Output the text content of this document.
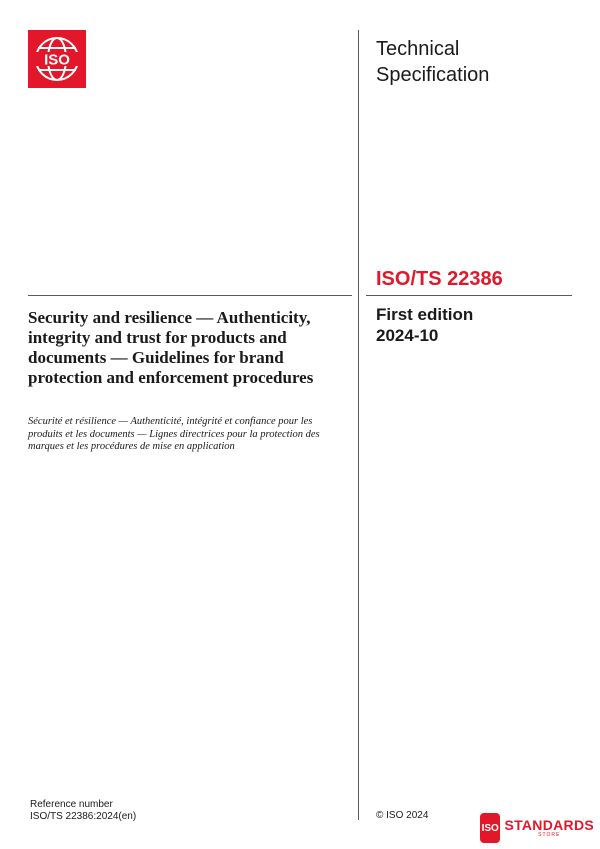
ISO	Technical Specification
ISO/TS 22386
First edition
2024-10
Security and resilience — Authenticity, integrity and trust for products and documents — Guidelines for brand protection and enforcement procedures
Sécurité et résilience — Authenticité, intégrité et confiance pour les produits et les documents — Lignes directrices pour la protection des marques et les procédures de mise en application
Reference number
ISO/TS 22386:2024(en)	© ISO 2024
ISO STANDARDS
STORE
